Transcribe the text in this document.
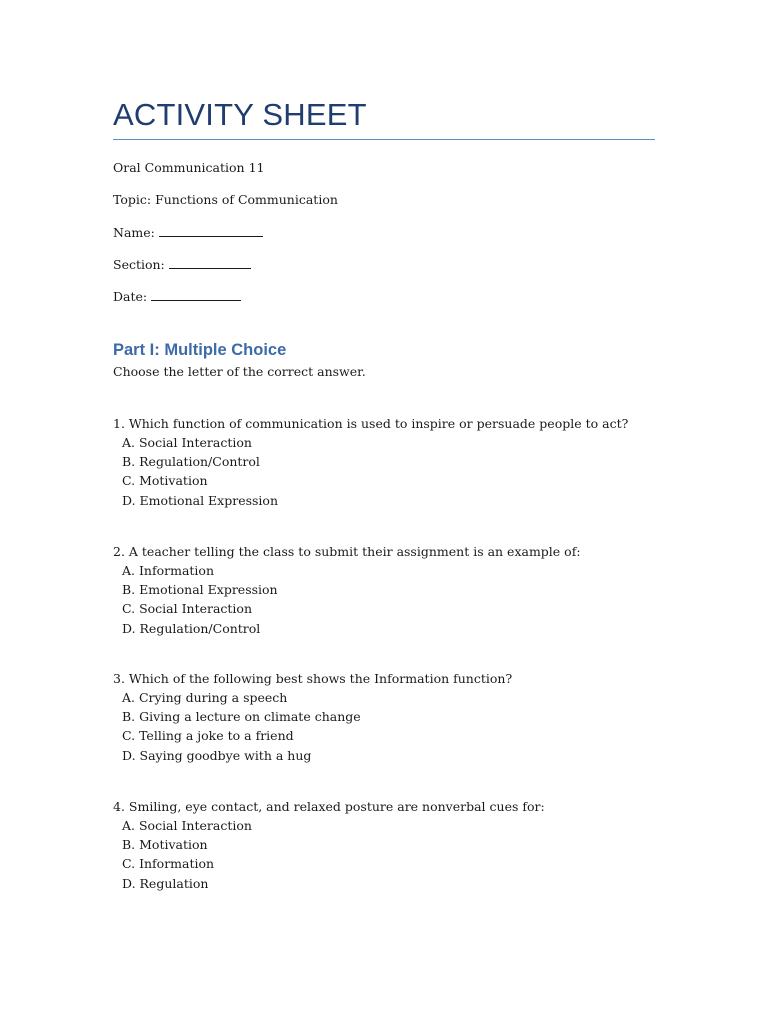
ACTIVITY SHEET
Oral Communication 11
Topic: Functions of Communication
Name:
Section:
Date:
Part I: Multiple Choice
Choose the letter of the correct answer.
1. Which function of communication is used to inspire or persuade people to act?
A. Social Interaction
B. Regulation/Control
C. Motivation
D. Emotional Expression
2. A teacher telling the class to submit their assignment is an example of:
A. Information
B. Emotional Expression
C. Social Interaction
D. Regulation/Control
3. Which of the following best shows the Information function?
A. Crying during a speech
B. Giving a lecture on climate change
C. Telling a joke to a friend
D. Saying goodbye with a hug
4. Smiling, eye contact, and relaxed posture are nonverbal cues for:
A. Social Interaction
B. Motivation
C. Information
D. Regulation
